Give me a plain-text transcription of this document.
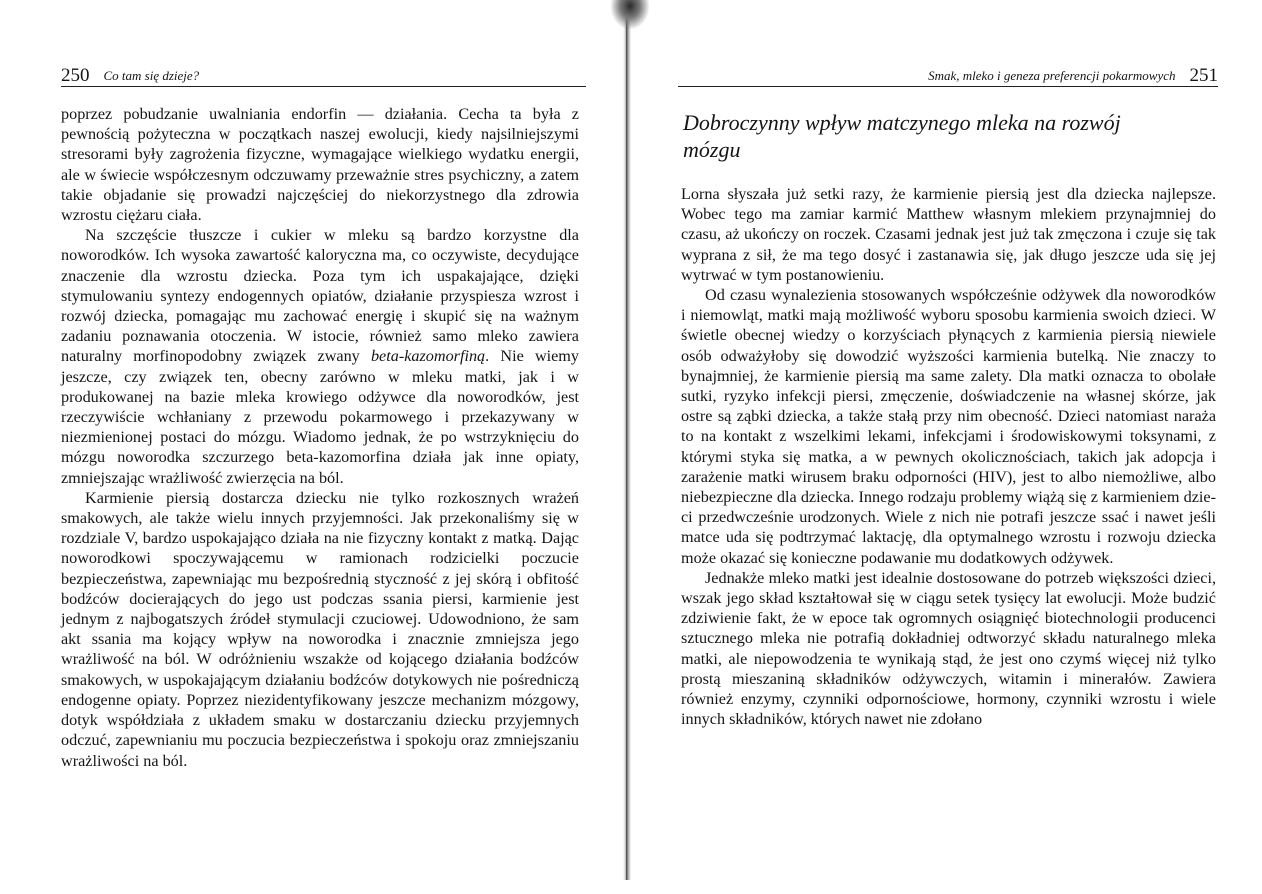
250 Co tam się dzieje?

poprzez pobudzanie uwalniania endorfin — działania. Cecha ta była z pewnością pożyteczna w początkach naszej ewolucji, kiedy najsilniejszymi stresorami były zagrożenia fizyczne, wymagające wielkiego wydatku energii, ale w świecie współczesnym odczuwamy przeważnie stres psychiczny, a zatem takie objadanie się prowadzi najczęściej do niekorzystnego dla zdrowia wzrostu ciężaru ciała.

Na szczęście tłuszcze i cukier w mleku są bardzo korzystne dla noworodków. Ich wysoka zawartość kaloryczna ma, co oczywiste, decydujące znaczenie dla wzrostu dziecka. Poza tym ich uspakajające, dzięki stymulowaniu syntezy endogennych opiatów, działanie przyspiesza wzrost i rozwój dziecka, pomagając mu zachować energię i skupić się na ważnym zadaniu poznawania otoczenia. W istocie, również samo mleko zawiera naturalny morfinopodobny związek zwany beta-kazomorfiną. Nie wiemy jeszcze, czy związek ten, obecny zarówno w mleku matki, jak i w produkowanej na bazie mleka krowiego odżywce dla noworodków, jest rzeczywiście wchłaniany z przewodu pokarmowego i przekazywany w niezmienionej postaci do mózgu. Wiadomo jednak, że po wstrzyknięciu do mózgu noworodka szczurzego beta-kazomorfina działa jak inne opiaty, zmniejszając wrażliwość zwierzęcia na ból.

Karmienie piersią dostarcza dziecku nie tylko rozkosznych wrażeń smakowych, ale także wielu innych przyjemności. Jak przekonaliśmy się w rozdziale V, bardzo uspokajająco działa na nie fizyczny kontakt z matką. Dając noworodkowi spoczywającemu w ramionach rodzicielki poczucie bezpieczeństwa, zapewniając mu bezpośrednią styczność z jej skórą i obfitość bodźców docierających do jego ust podczas ssania piersi, karmienie jest jednym z najbogatszych źródeł stymulacji czuciowej. Udowodniono, że sam akt ssania ma kojący wpływ na noworodka i znacznie zmniejsza jego wrażliwość na ból. W odróżnieniu wszakże od kojącego działania bodźców smakowych, w uspokajającym działaniu bodźców dotykowych nie pośredniczą endogenne opiaty. Poprzez niezidentyfikowany jeszcze mechanizm mózgowy, dotyk współdziała z układem smaku w dostarczaniu dziecku przyjemnych odczuć, zapewnianiu mu poczucia bezpieczeństwa i spokoju oraz zmniejszaniu wrażliwości na ból.

Smak, mleko i geneza preferencji pokarmowych 251
Dobroczynny wpływ matczynego mleka na rozwój mózgu

Lorna słyszała już setki razy, że karmienie piersią jest dla dziecka najlepsze. Wobec tego ma zamiar karmić Matthew własnym mlekiem przynajmniej do czasu, aż ukończy on roczek. Czasami jednak jest już tak zmęczona i czuje się tak wyprana z sił, że ma tego dosyć i zastanawia się, jak długo jeszcze uda się jej wytrwać w tym postanowieniu.

Od czasu wynalezienia stosowanych współcześnie odżywek dla noworodków i niemowląt, matki mają możliwość wyboru sposobu karmienia swoich dzieci. W świetle obecnej wiedzy o korzyściach płynących z karmienia piersią niewiele osób odważyłoby się dowodzić wyższości karmienia butelką. Nie znaczy to bynajmniej, że karmienie piersią ma same zalety. Dla matki oznacza to obolałe sutki, ryzyko infekcji piersi, zmęczenie, doświadczenie na własnej skórze, jak ostre są ząbki dziecka, a także stałą przy nim obecność. Dzieci natomiast naraża to na kontakt z wszelkimi lekami, infekcjami i środowiskowymi toksynami, z którymi styka się matka, a w pewnych okolicznościach, takich jak adopcja i zarażenie matki wirusem braku odporności (HIV), jest to albo niemożliwe, albo niebezpieczne dla dziecka. Innego rodzaju problemy wiążą się z karmieniem dzieci przedwcześnie urodzonych. Wiele z nich nie potrafi jeszcze ssać i nawet jeśli matce uda się podtrzymać laktację, dla optymalnego wzrostu i rozwoju dziecka może okazać się konieczne podawanie mu dodatkowych odżywek.

Jednakże mleko matki jest idealnie dostosowane do potrzeb większości dzieci, wszak jego skład kształtował się w ciągu setek tysięcy lat ewolucji. Może budzić zdziwienie fakt, że w epoce tak ogromnych osiągnięć biotechnologii producenci sztucznego mleka nie potrafią dokładniej odtworzyć składu naturalnego mleka matki, ale niepowodzenia te wynikają stąd, że jest ono czymś więcej niż tylko prostą mieszaniną składników odżywczych, witamin i minerałów. Zawiera również enzymy, czynniki odpornościowe, hormony, czynniki wzrostu i wiele innych składników, których nawet nie zdołano
